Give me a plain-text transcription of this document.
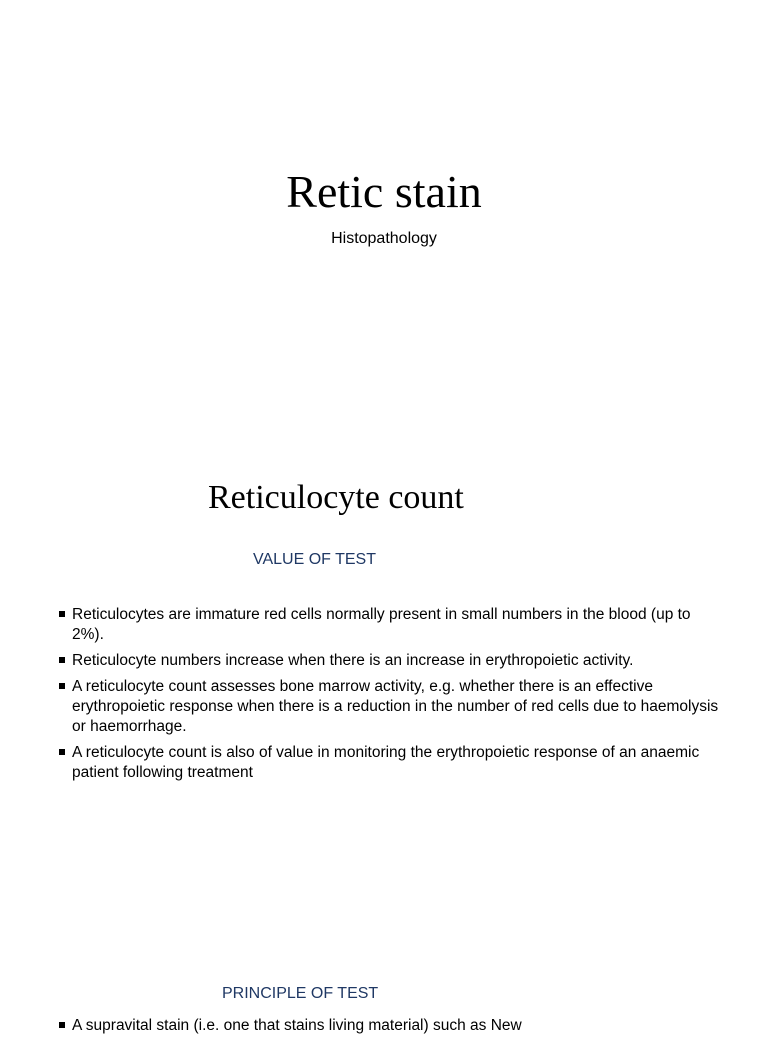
Retic stain

Histopathology

Reticulocyte count
VALUE OF TEST
Reticulocytes are immature red cells normally present in small numbers in the blood (up to 2%).
Reticulocyte numbers increase when there is an increase in erythropoietic activity.
A reticulocyte count assesses bone marrow activity, e.g. whether there is an effective erythropoietic response when there is a reduction in the number of red cells due to haemolysis or haemorrhage.
A reticulocyte count is also of value in monitoring the erythropoietic response of an anaemic patient following treatment
PRINCIPLE OF TEST
A supravital stain (i.e. one that stains living material) such as New
